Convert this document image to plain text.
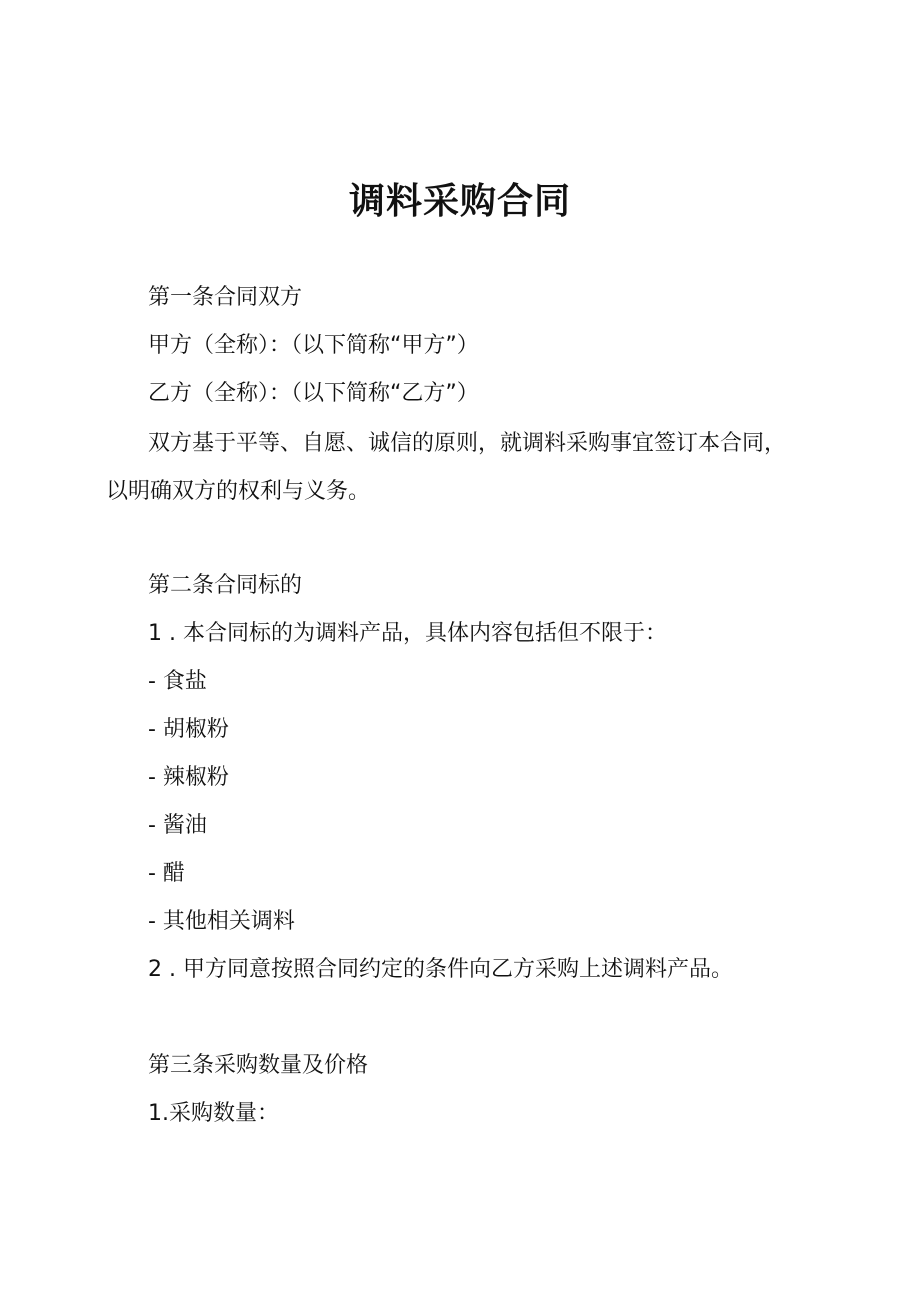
调料采购合同
第一条合同双方
甲方（全称）：（以下简称“甲方”）
乙方（全称）：（以下简称“乙方”）
双方基于平等、自愿、诚信的原则，就调料采购事宜签订本合同，以明确双方的权利与义务。
第二条合同标的
1 . 本合同标的为调料产品，具体内容包括但不限于：
- 食盐
- 胡椒粉
- 辣椒粉
- 酱油
- 醋
- 其他相关调料
2 . 甲方同意按照合同约定的条件向乙方采购上述调料产品。
第三条采购数量及价格
1.采购数量：
